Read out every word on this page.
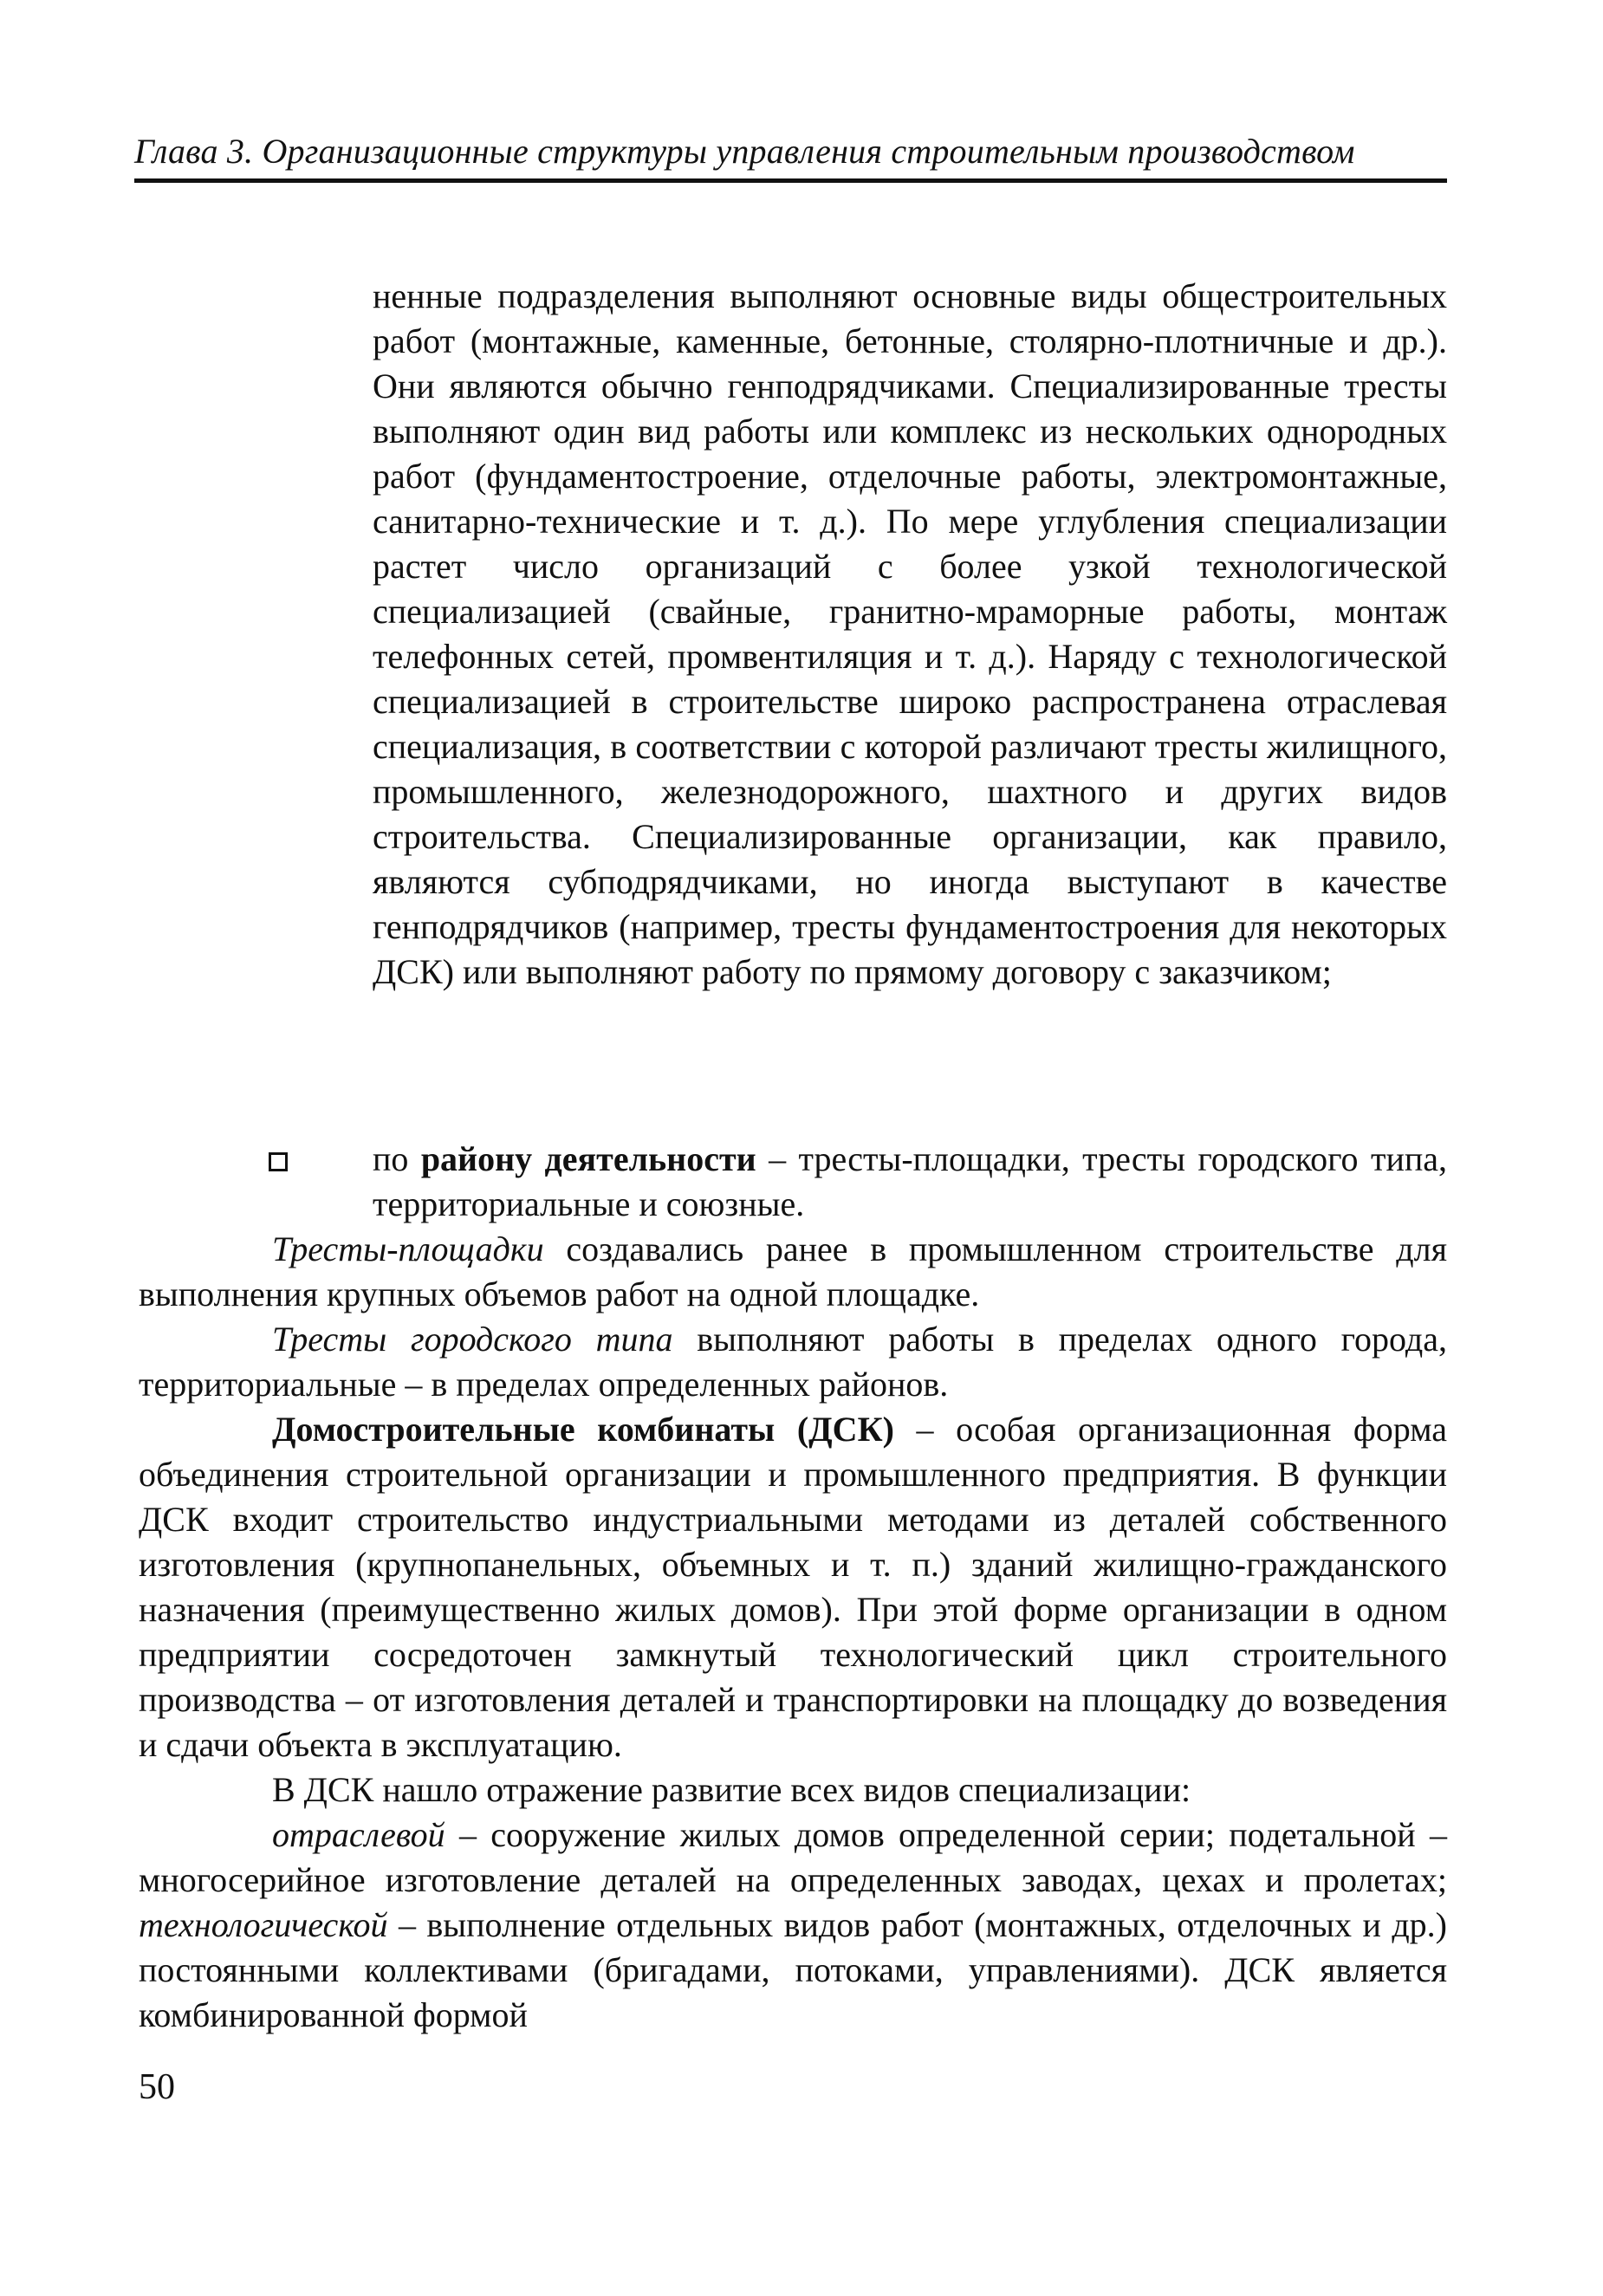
Глава 3. Организационные структуры управления строительным производством
ненные подразделения выполняют основные виды общестроительных работ (монтажные, каменные, бетонные, столярно-плотничные и др.). Они являются обычно генподрядчиками. Специализированные тресты выполняют один вид работы или комплекс из нескольких однородных работ (фундаментостроение, отделочные работы, электромонтажные, санитарно-технические и т. д.). По мере углубления специализации растет число организаций с более узкой технологической специализацией (свайные, гранитно-мраморные работы, монтаж телефонных сетей, промвентиляция и т. д.). Наряду с технологической специализацией в строительстве широко распространена отраслевая специализация, в соответствии с которой различают тресты жилищного, промышленного, железнодорожного, шахтного и других видов строительства. Специализированные организации, как правило, являются субподрядчиками, но иногда выступают в качестве генподрядчиков (например, тресты фундаментостроения для некоторых ДСК) или выполняют работу по прямому договору с заказчиком;
по району деятельности – тресты-площадки, тресты городского типа, территориальные и союзные.

Тресты-площадки создавались ранее в промышленном строительстве для выполнения крупных объемов работ на одной площадке.

Тресты городского типа выполняют работы в пределах одного города, территориальные – в пределах определенных районов.

Домостроительные комбинаты (ДСК) – особая организационная форма объединения строительной организации и промышленного предприятия. В функции ДСК входит строительство индустриальными методами из деталей собственного изготовления (крупнопанельных, объемных и т. п.) зданий жилищно-гражданского назначения (преимущественно жилых домов). При этой форме организации в одном предприятии сосредоточен замкнутый технологический цикл строительного производства – от изготовления деталей и транспортировки на площадку до возведения и сдачи объекта в эксплуатацию.

В ДСК нашло отражение развитие всех видов специализации:

отраслевой – сооружение жилых домов определенной серии; подетальной – многосерийное изготовление деталей на определенных заводах, цехах и пролетах; технологической – выполнение отдельных видов работ (монтажных, отделочных и др.) постоянными коллективами (бригадами, потоками, управлениями). ДСК является комбинированной формой

50
